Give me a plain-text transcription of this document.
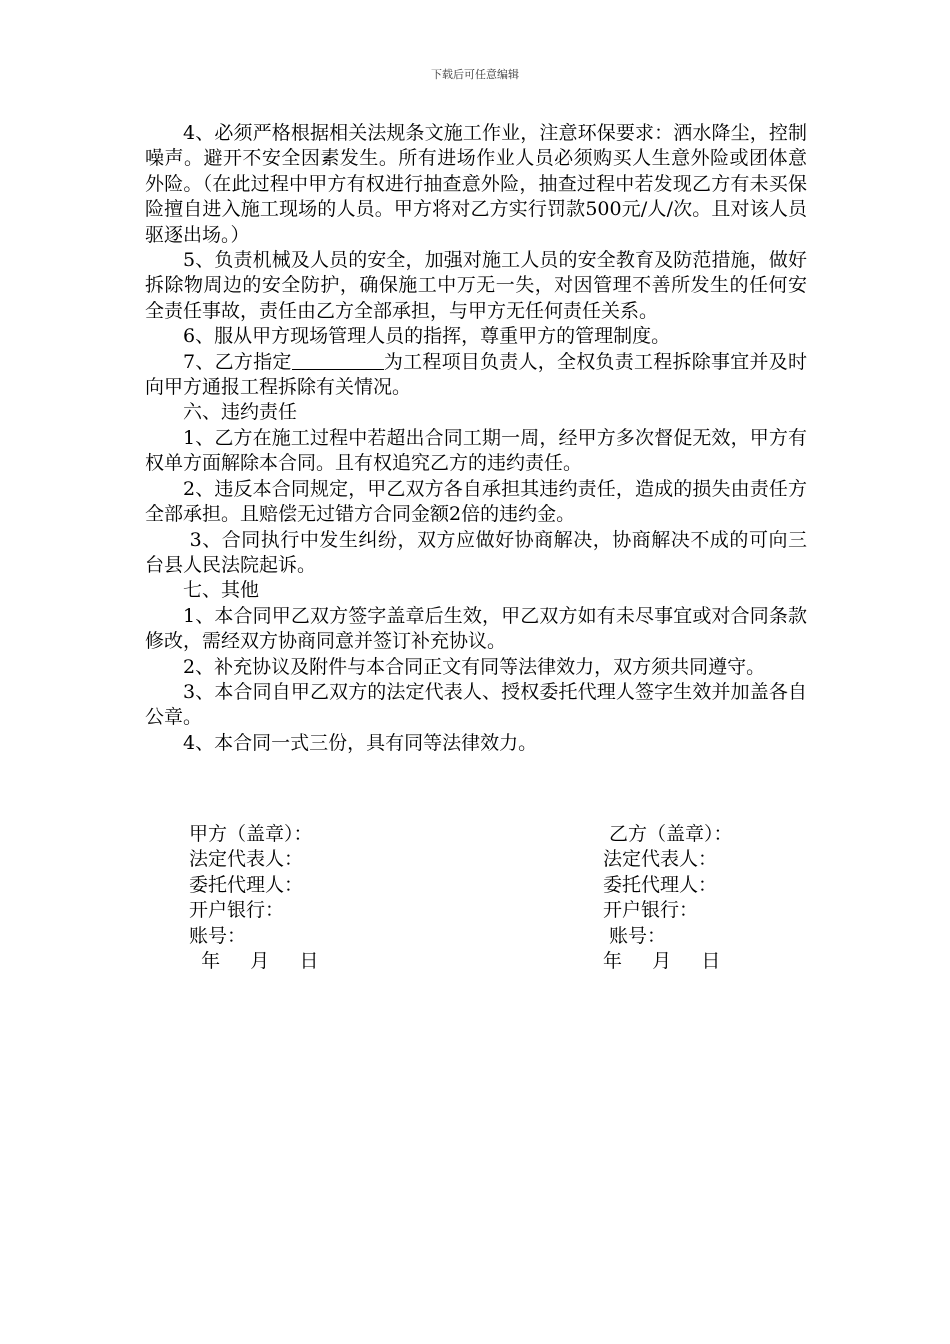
下载后可任意编辑

4、必须严格根据相关法规条文施工作业，注意环保要求：洒水降尘，控制噪声。避开不安全因素发生。所有进场作业人员必须购买人生意外险或团体意外险。（在此过程中甲方有权进行抽查意外险，抽查过程中若发现乙方有未买保险擅自进入施工现场的人员。甲方将对乙方实行罚款500元/人/次。且对该人员驱逐出场。）

5、负责机械及人员的安全，加强对施工人员的安全教育及防范措施，做好拆除物周边的安全防护，确保施工中万无一失，对因管理不善所发生的任何安全责任事故，责任由乙方全部承担，与甲方无任何责任关系。

6、服从甲方现场管理人员的指挥，尊重甲方的管理制度。

7、乙方指定	为工程项目负责人，全权负责工程拆除事宜并及时向甲方通报工程拆除有关情况。

六、违约责任

1、乙方在施工过程中若超出合同工期一周，经甲方多次督促无效，甲方有权单方面解除本合同。且有权追究乙方的违约责任。

2、违反本合同规定，甲乙双方各自承担其违约责任，造成的损失由责任方全部承担。且赔偿无过错方合同金额2倍的违约金。

3、合同执行中发生纠纷，双方应做好协商解决，协商解决不成的可向三台县人民法院起诉。

七、其他

1、本合同甲乙双方签字盖章后生效，甲乙双方如有未尽事宜或对合同条款修改，需经双方协商同意并签订补充协议。

2、补充协议及附件与本合同正文有同等法律效力，双方须共同遵守。

3、本合同自甲乙双方的法定代表人、授权委托代理人签字生效并加盖各自公章。

4、本合同一式三份，具有同等法律效力。

甲方（盖章）：
法定代表人：
委托代理人：
开户银行：
账号：
年     月     日
乙方（盖章）：
法定代表人：
委托代理人：
开户银行：
账号：
年     月     日
